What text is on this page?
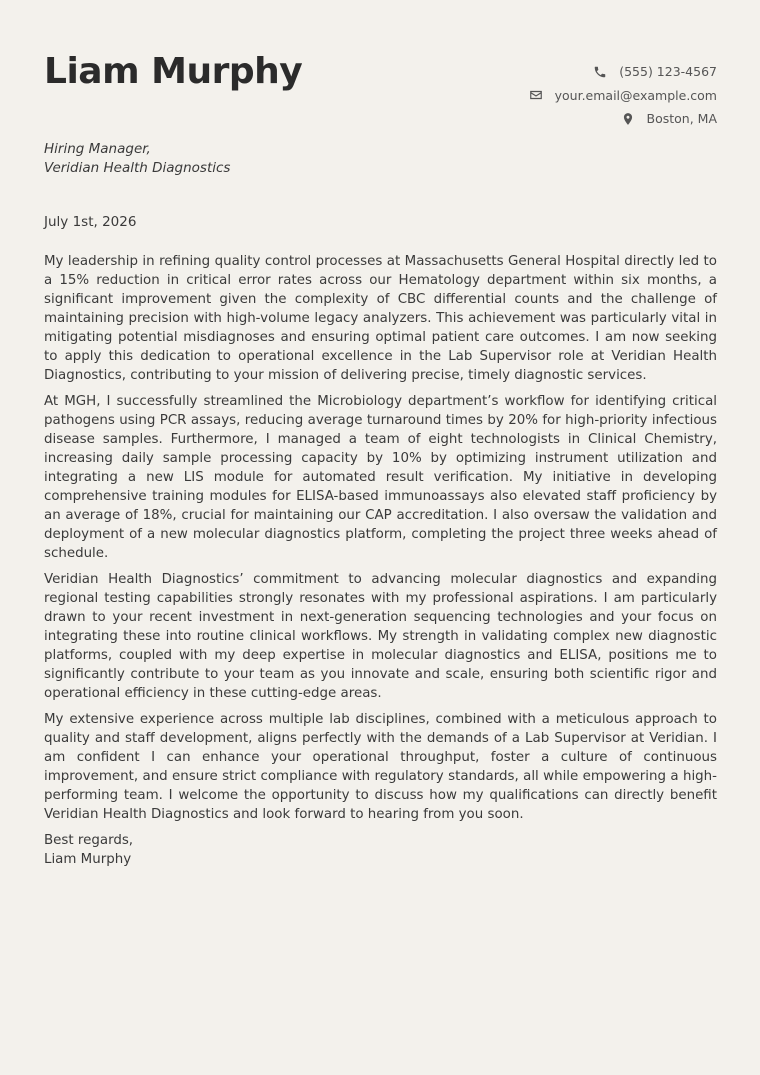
Liam Murphy	(555) 123-4567
your.email@example.com
Boston, MA
Hiring Manager,
Veridian Health Diagnostics
July 1st, 2026

My leadership in refining quality control processes at Massachusetts General Hospital directly led to a 15% reduction in critical error rates across our Hematology department within six months, a significant improvement given the complexity of CBC differential counts and the challenge of maintaining precision with high-volume legacy analyzers. This achievement was particularly vital in mitigating potential misdiagnoses and ensuring optimal patient care outcomes. I am now seeking to apply this dedication to operational excellence in the Lab Supervisor role at Veridian Health Diagnostics, contributing to your mission of delivering precise, timely diagnostic services.

At MGH, I successfully streamlined the Microbiology department’s workflow for identifying critical pathogens using PCR assays, reducing average turnaround times by 20% for high-priority infectious disease samples. Furthermore, I managed a team of eight technologists in Clinical Chemistry, increasing daily sample processing capacity by 10% by optimizing instrument utilization and integrating a new LIS module for automated result verification. My initiative in developing comprehensive training modules for ELISA-based immunoassays also elevated staff proficiency by an average of 18%, crucial for maintaining our CAP accreditation. I also oversaw the validation and deployment of a new molecular diagnostics platform, completing the project three weeks ahead of schedule.

Veridian Health Diagnostics’ commitment to advancing molecular diagnostics and expanding regional testing capabilities strongly resonates with my professional aspirations. I am particularly drawn to your recent investment in next-generation sequencing technologies and your focus on integrating these into routine clinical workflows. My strength in validating complex new diagnostic platforms, coupled with my deep expertise in molecular diagnostics and ELISA, positions me to significantly contribute to your team as you innovate and scale, ensuring both scientific rigor and operational efficiency in these cutting-edge areas.

My extensive experience across multiple lab disciplines, combined with a meticulous approach to quality and staff development, aligns perfectly with the demands of a Lab Supervisor at Veridian. I am confident I can enhance your operational throughput, foster a culture of continuous improvement, and ensure strict compliance with regulatory standards, all while empowering a high-performing team. I welcome the opportunity to discuss how my qualifications can directly benefit Veridian Health Diagnostics and look forward to hearing from you soon.

Best regards,
Liam Murphy
